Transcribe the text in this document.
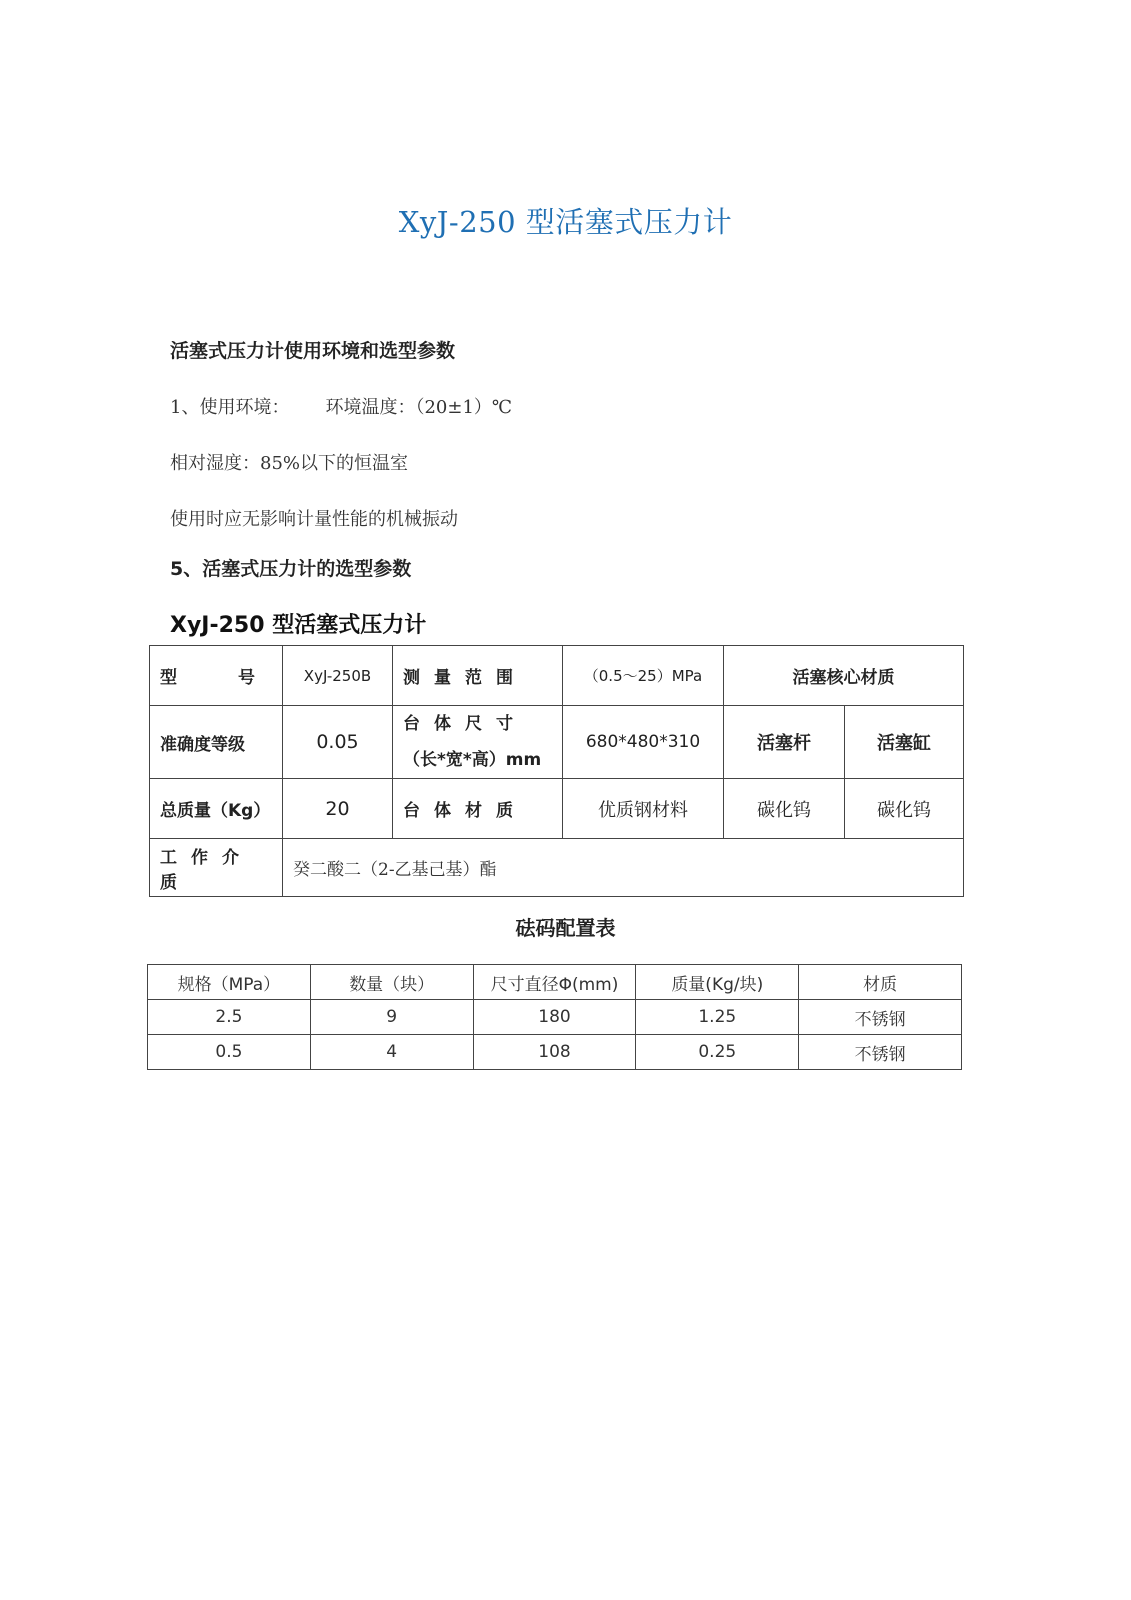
XyJ-250 型活塞式压力计
活塞式压力计使用环境和选型参数
1、使用环境： 环境温度：（20±1）℃
相对湿度：85%以下的恒温室
使用时应无影响计量性能的机械振动
5、活塞式压力计的选型参数
XyJ-250 型活塞式压力计
型 号	XyJ-250B	测量范围	（0.5～25）MPa	活塞核心材质	
准确度等级	0.05	台体尺寸
（长*宽*高）mm	680*480*310	活塞杆	活塞缸
总质量（Kg）	20	台体材质	优质钢材料	碳化钨	碳化钨
工作介质	癸二酸二（2-乙基己基）酯				
砝码配置表
规格（MPa）	数量（块）	尺寸直径Φ(mm)	质量(Kg/块)	材质
2.5	9	180	1.25	不锈钢
0.5	4	108	0.25	不锈钢
